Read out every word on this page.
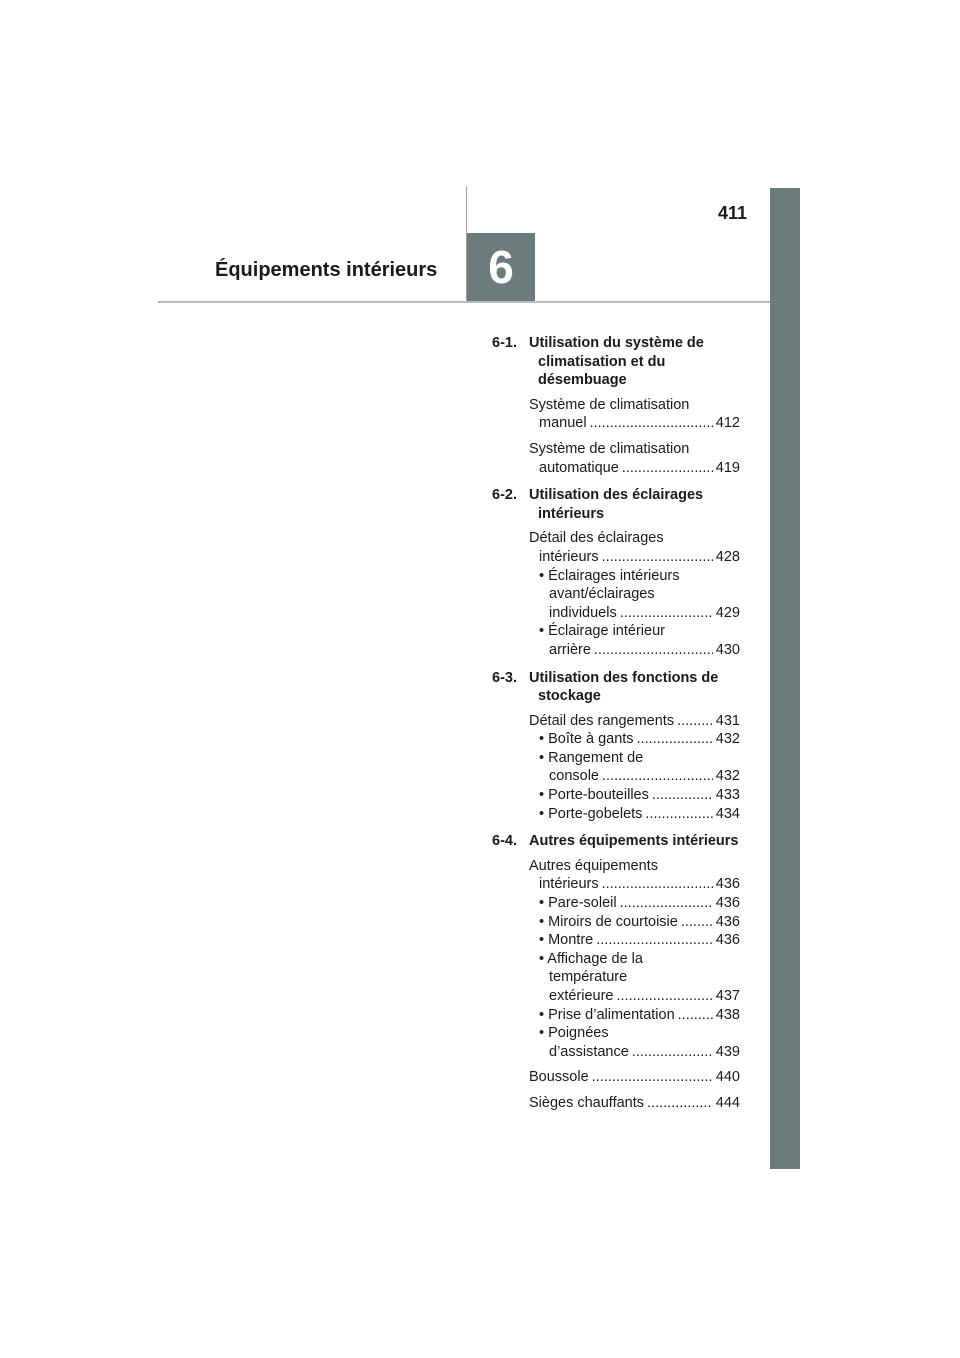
411
Équipements intérieurs	6
6-1. Utilisation du système de climatisation et du désembuage
Système de climatisation
manuel .....	412
Système de climatisation
automatique .....	419
6-2. Utilisation des éclairages intérieurs
Détail des éclairages
intérieurs .....	428
• Éclairages intérieurs
avant/éclairages
individuels .....	429
• Éclairage intérieur
arrière .....	430
6-3. Utilisation des fonctions de stockage
Détail des rangements .....	431
• Boîte à gants .....	432
• Rangement de
console .....	432
• Porte-bouteilles .....	433
• Porte-gobelets .....	434
6-4. Autres équipements intérieurs
Autres équipements
intérieurs .....	436
• Pare-soleil .....	436
• Miroirs de courtoisie .....	436
• Montre .....	436
• Affichage de la
température
extérieure .....	437
• Prise d’alimentation .....	438
• Poignées
d’assistance .....	439
Boussole .....	440
Sièges chauffants .....	444
